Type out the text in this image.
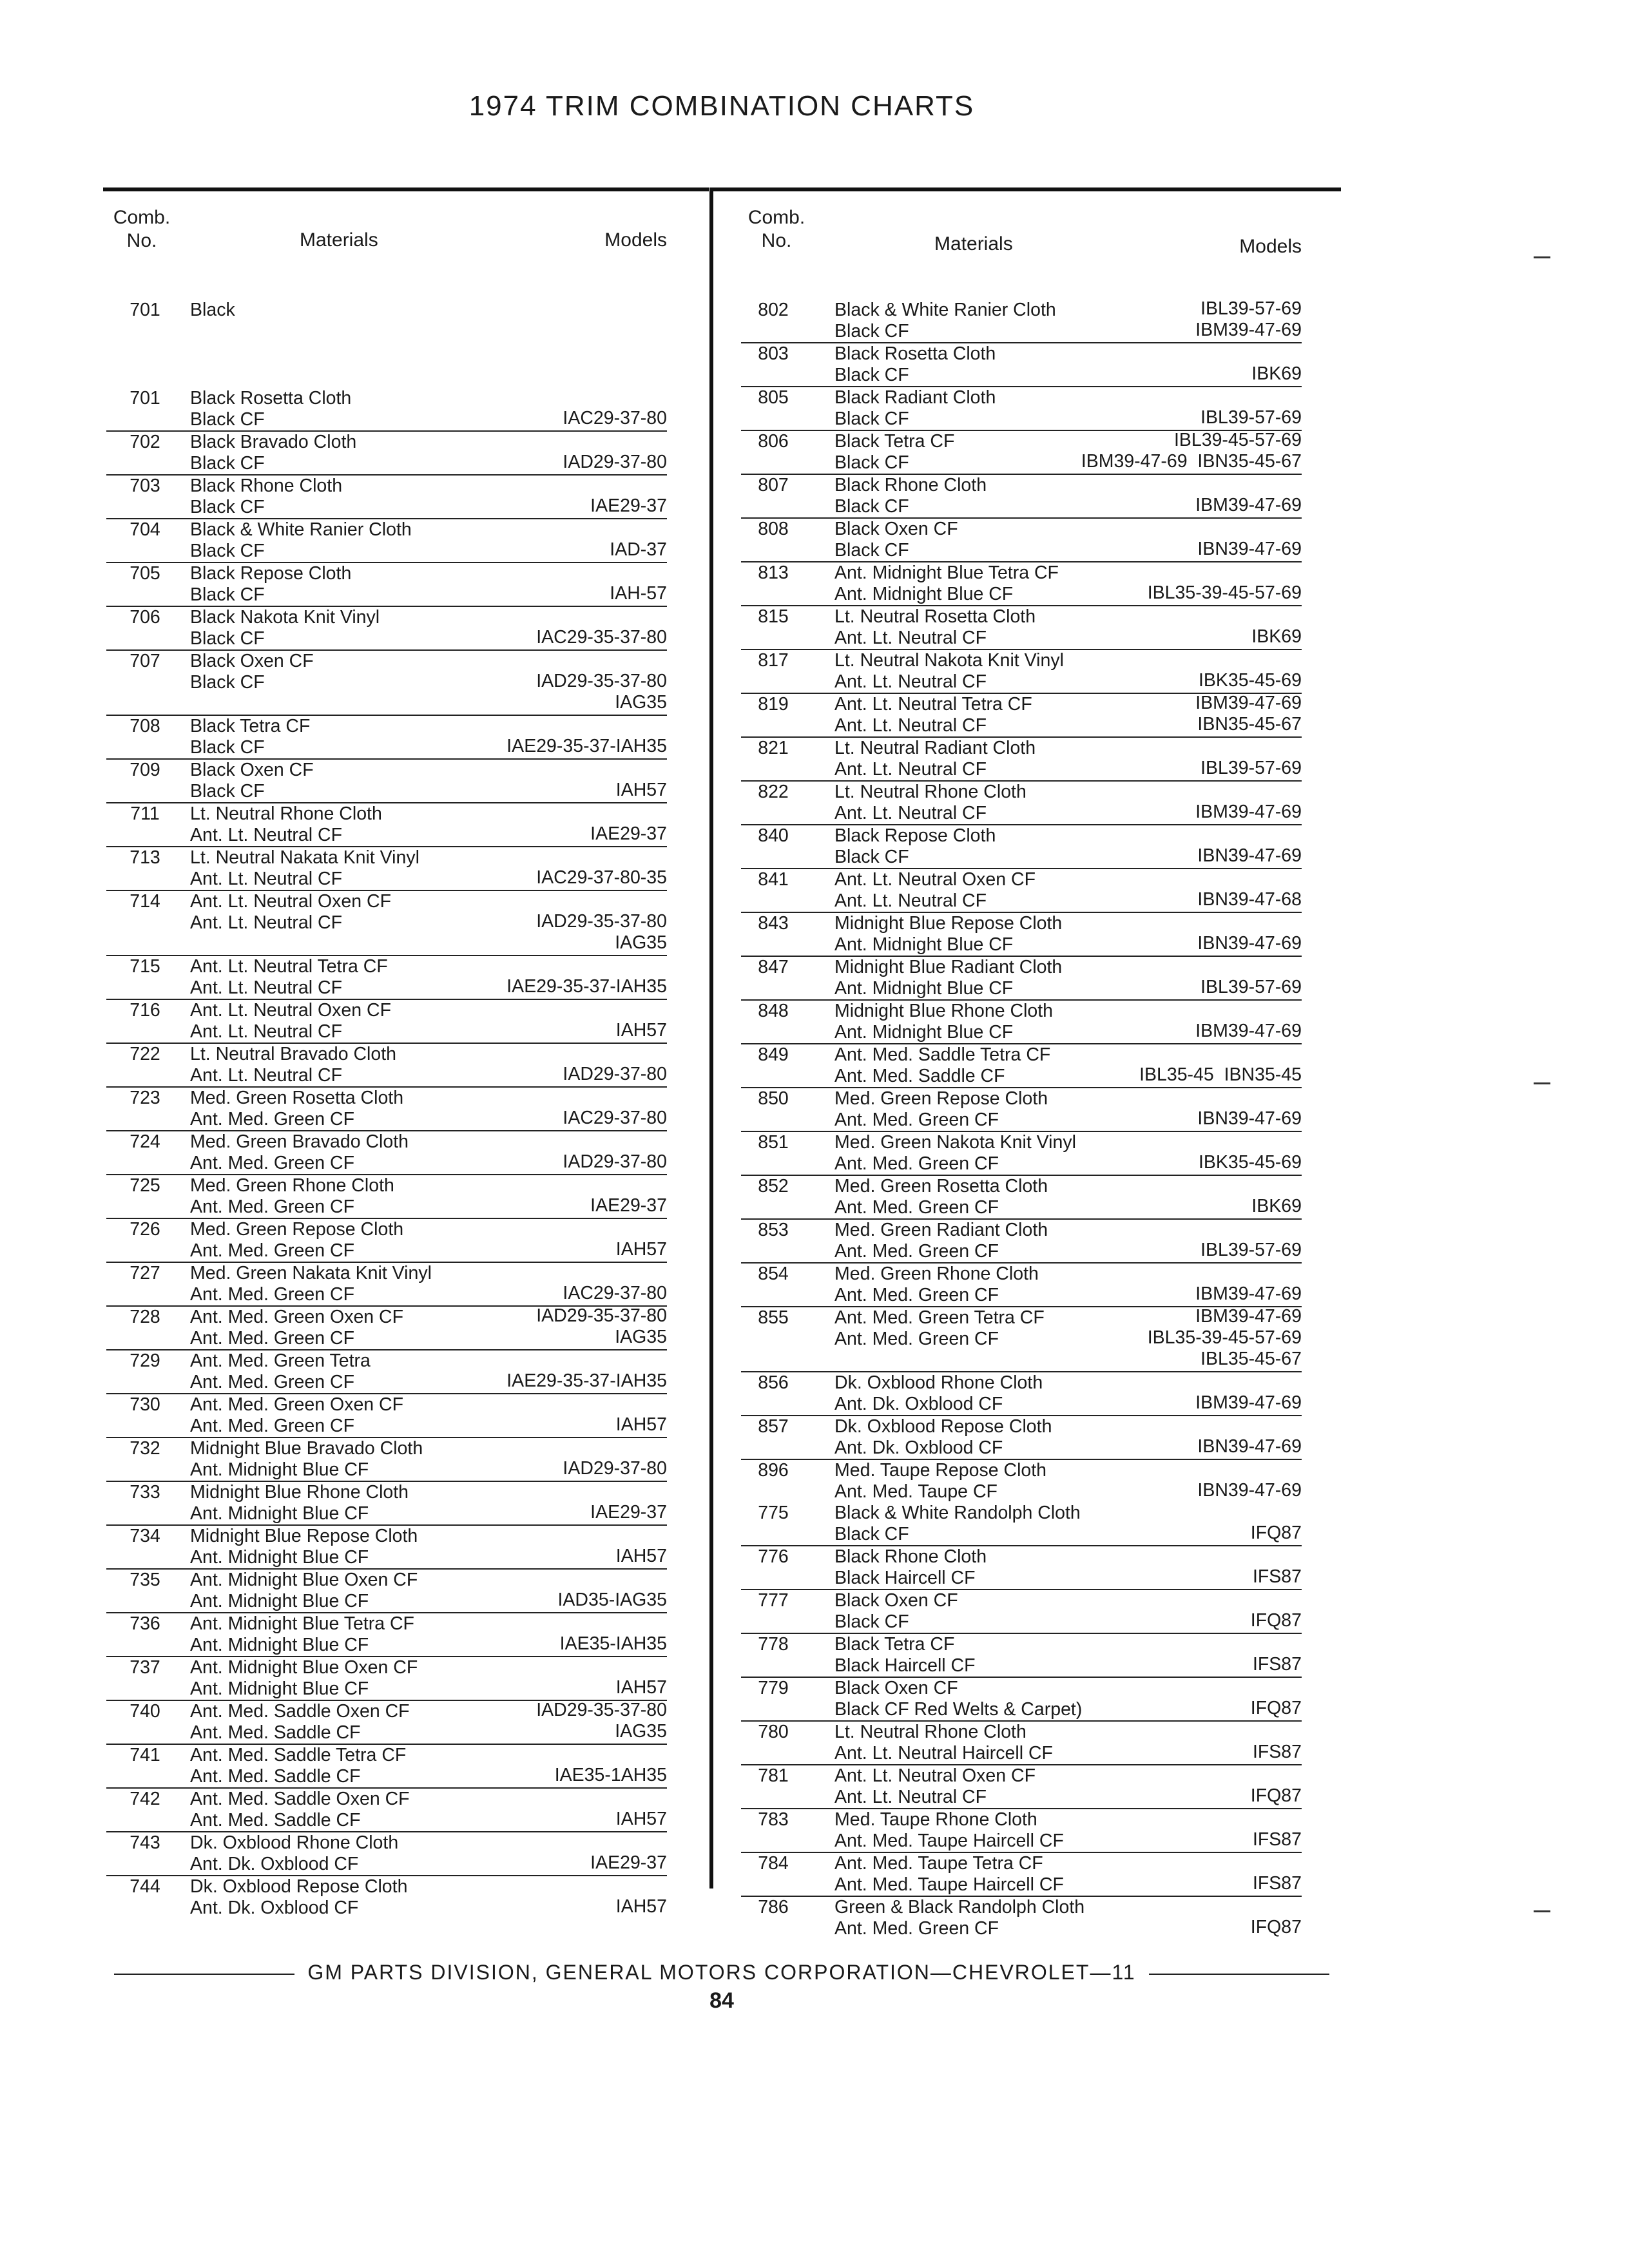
1974 TRIM COMBINATION CHARTS
Comb.
No.	Materials	Models
701	Black
701	Black Rosetta Cloth
Black CF	IAC29-37-80
702	Black Bravado Cloth
Black CF	IAD29-37-80
703	Black Rhone Cloth
Black CF	IAE29-37
704	Black & White Ranier Cloth
Black CF	IAD-37
705	Black Repose Cloth
Black CF	IAH-57
706	Black Nakota Knit Vinyl
Black CF	IAC29-35-37-80
707	Black Oxen CF
Black CF
	IAD29-35-37-80
IAG35
708	Black Tetra CF
Black CF	IAE29-35-37-IAH35
709	Black Oxen CF
Black CF	IAH57
711	Lt. Neutral Rhone Cloth
Ant. Lt. Neutral CF	IAE29-37
713	Lt. Neutral Nakata Knit Vinyl
Ant. Lt. Neutral CF	IAC29-37-80-35
714	Ant. Lt. Neutral Oxen CF
Ant. Lt. Neutral CF
	IAD29-35-37-80
IAG35
715	Ant. Lt. Neutral Tetra CF
Ant. Lt. Neutral CF	IAE29-35-37-IAH35
716	Ant. Lt. Neutral Oxen CF
Ant. Lt. Neutral CF	IAH57
722	Lt. Neutral Bravado Cloth
Ant. Lt. Neutral CF	IAD29-37-80
723	Med. Green Rosetta Cloth
Ant. Med. Green CF	IAC29-37-80
724	Med. Green Bravado Cloth
Ant. Med. Green CF	IAD29-37-80
725	Med. Green Rhone Cloth
Ant. Med. Green CF	IAE29-37
726	Med. Green Repose Cloth
Ant. Med. Green CF	IAH57
727	Med. Green Nakata Knit Vinyl
Ant. Med. Green CF	IAC29-37-80
728	Ant. Med. Green Oxen CF
Ant. Med. Green CF
IAD29-35-37-80
IAG35
729	Ant. Med. Green Tetra
Ant. Med. Green CF	IAE29-35-37-IAH35
730	Ant. Med. Green Oxen CF
Ant. Med. Green CF	IAH57
732	Midnight Blue Bravado Cloth
Ant. Midnight Blue CF	IAD29-37-80
733	Midnight Blue Rhone Cloth
Ant. Midnight Blue CF	IAE29-37
734	Midnight Blue Repose Cloth
Ant. Midnight Blue CF	IAH57
735	Ant. Midnight Blue Oxen CF
Ant. Midnight Blue CF	IAD35-IAG35
736	Ant. Midnight Blue Tetra CF
Ant. Midnight Blue CF	IAE35-IAH35
737	Ant. Midnight Blue Oxen CF
Ant. Midnight Blue CF	IAH57
740	Ant. Med. Saddle Oxen CF
Ant. Med. Saddle CF
IAD29-35-37-80
IAG35
741	Ant. Med. Saddle Tetra CF
Ant. Med. Saddle CF	IAE35-1AH35
742	Ant. Med. Saddle Oxen CF
Ant. Med. Saddle CF	IAH57
743	Dk. Oxblood Rhone Cloth
Ant. Dk. Oxblood CF	IAE29-37
744	Dk. Oxblood Repose Cloth
Ant. Dk. Oxblood CF	IAH57
Comb.
No.	Materials	Models
802	Black & White Ranier Cloth
Black CF
IBL39-57-69
IBM39-47-69
803	Black Rosetta Cloth
Black CF	IBK69
805	Black Radiant Cloth
Black CF	IBL39-57-69
806	Black Tetra CF
Black CF
IBL39-45-57-69
IBM39-47-69  IBN35-45-67
807	Black Rhone Cloth
Black CF	IBM39-47-69
808	Black Oxen CF
Black CF	IBN39-47-69
813	Ant. Midnight Blue Tetra CF
Ant. Midnight Blue CF	IBL35-39-45-57-69
815	Lt. Neutral Rosetta Cloth
Ant. Lt. Neutral CF	IBK69
817	Lt. Neutral Nakota Knit Vinyl
Ant. Lt. Neutral CF	IBK35-45-69
819	Ant. Lt. Neutral Tetra CF
Ant. Lt. Neutral CF
IBM39-47-69
IBN35-45-67
821	Lt. Neutral Radiant Cloth
Ant. Lt. Neutral CF	IBL39-57-69
822	Lt. Neutral Rhone Cloth
Ant. Lt. Neutral CF	IBM39-47-69
840	Black Repose Cloth
Black CF	IBN39-47-69
841	Ant. Lt. Neutral Oxen CF
Ant. Lt. Neutral CF	IBN39-47-68
843	Midnight Blue Repose Cloth
Ant. Midnight Blue CF	IBN39-47-69
847	Midnight Blue Radiant Cloth
Ant. Midnight Blue CF	IBL39-57-69
848	Midnight Blue Rhone Cloth
Ant. Midnight Blue CF	IBM39-47-69
849	Ant. Med. Saddle Tetra CF
Ant. Med. Saddle CF	IBL35-45  IBN35-45
850	Med. Green Repose Cloth
Ant. Med. Green CF	IBN39-47-69
851	Med. Green Nakota Knit Vinyl
Ant. Med. Green CF	IBK35-45-69
852	Med. Green Rosetta Cloth
Ant. Med. Green CF	IBK69
853	Med. Green Radiant Cloth
Ant. Med. Green CF	IBL39-57-69
854	Med. Green Rhone Cloth
Ant. Med. Green CF	IBM39-47-69
855	Ant. Med. Green Tetra CF
Ant. Med. Green CF

IBM39-47-69
IBL35-39-45-57-69
IBL35-45-67
856	Dk. Oxblood Rhone Cloth
Ant. Dk. Oxblood CF	IBM39-47-69
857	Dk. Oxblood Repose Cloth
Ant. Dk. Oxblood CF	IBN39-47-69
896	Med. Taupe Repose Cloth
Ant. Med. Taupe CF	IBN39-47-69
775	Black & White Randolph Cloth
Black CF	IFQ87
776	Black Rhone Cloth
Black Haircell CF	IFS87
777	Black Oxen CF
Black CF	IFQ87
778	Black Tetra CF
Black Haircell CF	IFS87
779	Black Oxen CF
Black CF Red Welts & Carpet)	IFQ87
780	Lt. Neutral Rhone Cloth
Ant. Lt. Neutral Haircell CF	IFS87
781	Ant. Lt. Neutral Oxen CF
Ant. Lt. Neutral CF	IFQ87
783	Med. Taupe Rhone Cloth
Ant. Med. Taupe Haircell CF	IFS87
784	Ant. Med. Taupe Tetra CF
Ant. Med. Taupe Haircell CF	IFS87
786	Green & Black Randolph Cloth
Ant. Med. Green CF	IFQ87
GM PARTS DIVISION, GENERAL MOTORS CORPORATION—CHEVROLET—11
84
